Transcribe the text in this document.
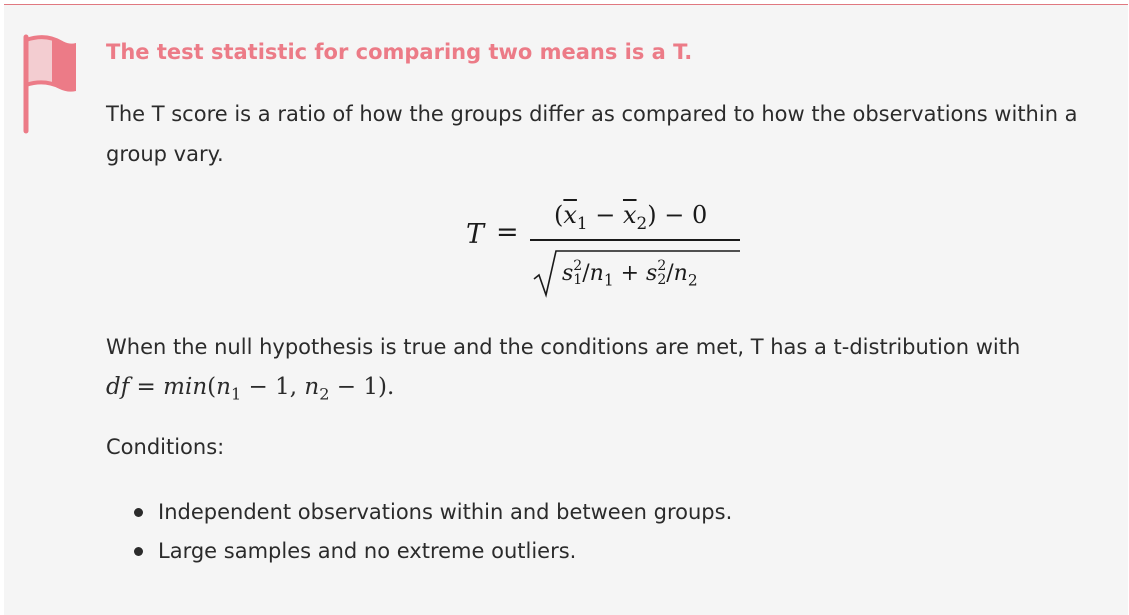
The test statistic for comparing two means is a T.

The T score is a ratio of how the groups differ as compared to how the observations within a group vary.

T =
$(\overline{x}_1 - \overline{x}_2) - 0$
s 2
1 $/n_1 + s$ 2
2 $/n_2$

When the null hypothesis is true and the conditions are met, T has a t-distribution with
df = $\min(n_1 - 1$, $n_2 - 1$).

Conditions:

Independent observations within and between groups.
Large samples and no extreme outliers.
